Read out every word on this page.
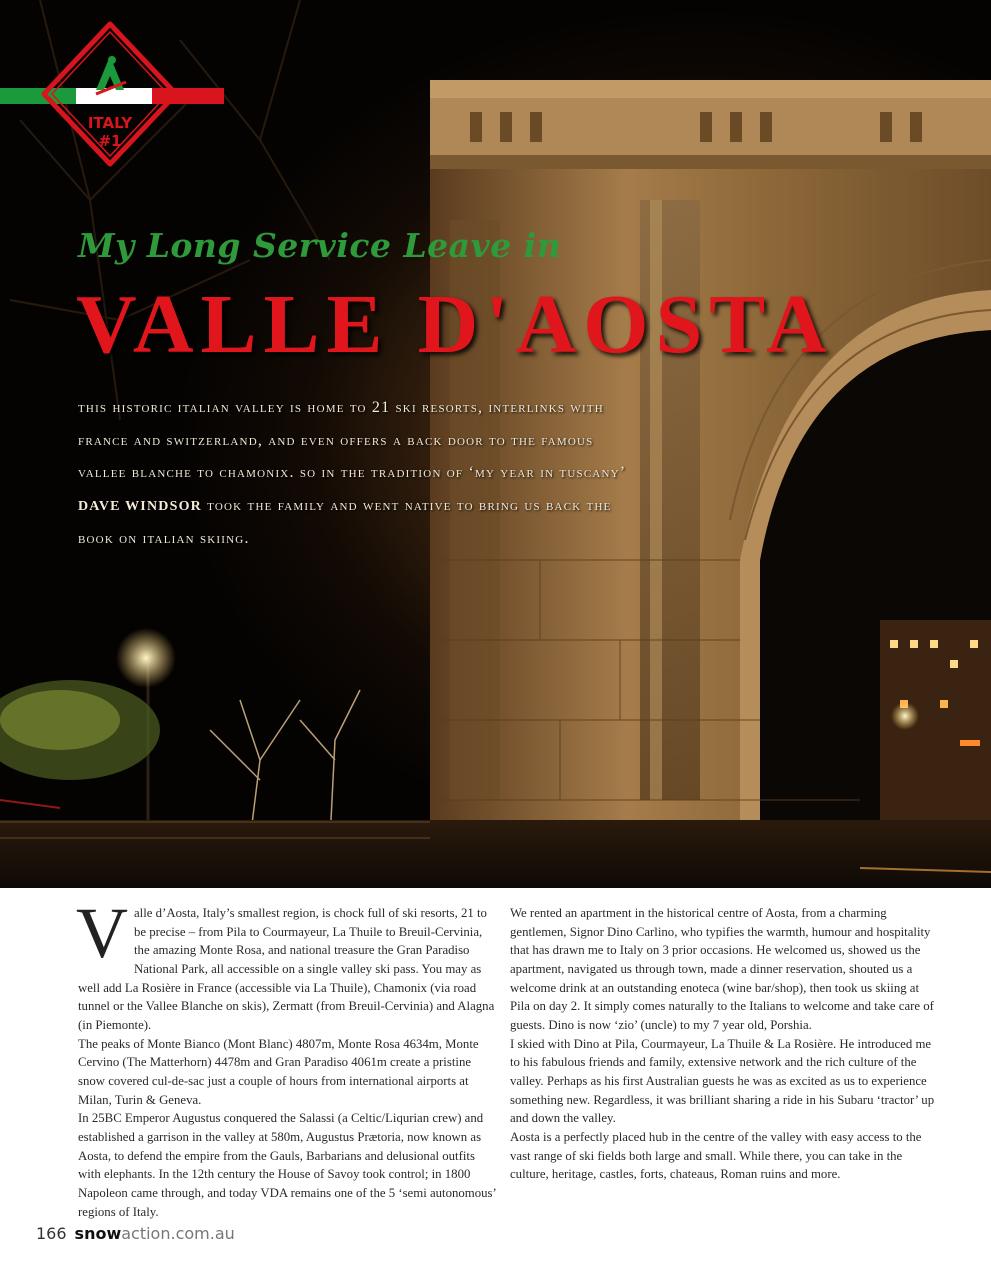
ITALY
#1
My Long Service Leave in
VALLE D'AOSTA

this historic italian valley is home to 21 ski resorts, interlinks with france and switzerland, and even offers a back door to the famous vallee blanche to chamonix. so in the tradition of ‘my year in tuscany’ DAVE WINDSOR took the family and went native to bring us back the book on italian skiing.

V alle d’Aosta, Italy’s smallest region, is chock full of ski resorts, 21 to be precise – from Pila to Courmayeur, La Thuile to Breuil-Cervinia, the amazing Monte Rosa, and national treasure the Gran Paradiso National Park, all accessible on a single valley ski pass. You may as well add La Rosière in France (accessible via La Thuile), Chamonix (via road tunnel or the Vallee Blanche on skis), Zermatt (from Breuil-Cervinia) and Alagna (in Piemonte).

The peaks of Monte Bianco (Mont Blanc) 4807m, Monte Rosa 4634m, Monte Cervino (The Matterhorn) 4478m and Gran Paradiso 4061m create a pristine snow covered cul-de-sac just a couple of hours from international airports at Milan, Turin & Geneva.

In 25BC Emperor Augustus conquered the Salassi (a Celtic/Liqurian crew) and established a garrison in the valley at 580m, Augustus Prætoria, now known as Aosta, to defend the empire from the Gauls, Barbarians and delusional outfits with elephants. In the 12th century the House of Savoy took control; in 1800 Napoleon came through, and today VDA remains one of the 5 ‘semi autonomous’ regions of Italy.

We rented an apartment in the historical centre of Aosta, from a charming gentlemen, Signor Dino Carlino, who typifies the warmth, humour and hospitality that has drawn me to Italy on 3 prior occasions. He welcomed us, showed us the apartment, navigated us through town, made a dinner reservation, shouted us a welcome drink at an outstanding enoteca (wine bar/shop), then took us skiing at Pila on day 2. It simply comes naturally to the Italians to welcome and take care of guests. Dino is now ‘zio’ (uncle) to my 7 year old, Porshia.

I skied with Dino at Pila, Courmayeur, La Thuile & La Rosière. He introduced me to his fabulous friends and family, extensive network and the rich culture of the valley. Perhaps as his first Australian guests he was as excited as us to experience something new. Regardless, it was brilliant sharing a ride in his Subaru ‘tractor’ up and down the valley.

Aosta is a perfectly placed hub in the centre of the valley with easy access to the vast range of ski fields both large and small. While there, you can take in the culture, heritage, castles, forts, chateaus, Roman ruins and more.

166 snowaction.com.au
